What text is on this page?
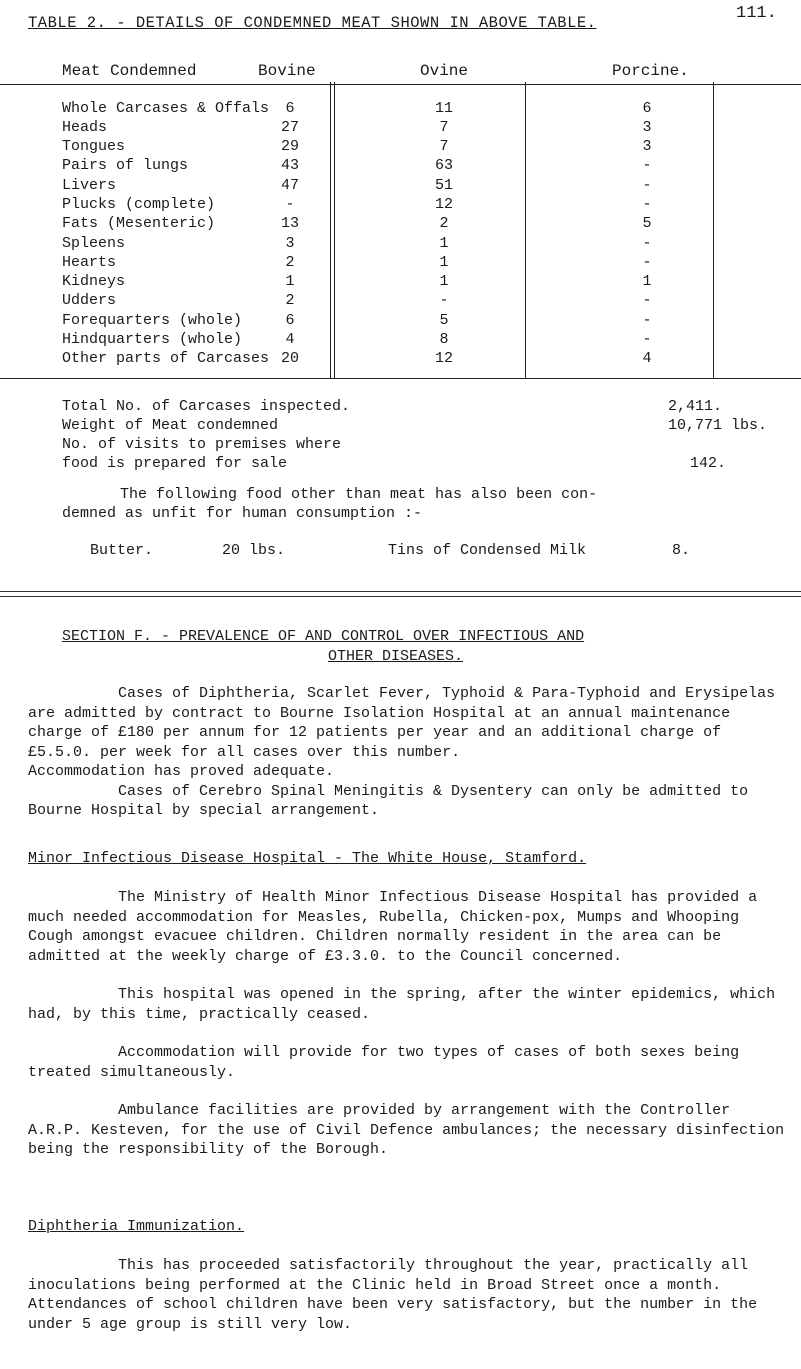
111.
TABLE 2. - DETAILS OF CONDEMNED MEAT SHOWN IN ABOVE TABLE.
Meat Condemned	Bovine	Ovine	Porcine.
Whole Carcases & Offals	6	11	6
Heads	27	7	3
Tongues	29	7	3
Pairs of lungs	43	63	-
Livers	47	51	-
Plucks (complete)	-	12	-
Fats (Mesenteric)	13	2	5
Spleens	3	1	-
Hearts	2	1	-
Kidneys	1	1	1
Udders	2	-	-
Forequarters (whole)	6	5	-
Hindquarters (whole)	4	8	-
Other parts of Carcases 20	12	4
Total No. of Carcases inspected.	2,411.
Weight of Meat condemned	10,771 lbs.
No. of visits to premises where
food is prepared for sale	142.
The following food other than meat has also been con-
demned as unfit for human consumption :-
Butter.	20 lbs.	Tins of Condensed Milk	8.
SECTION F. - PREVALENCE OF AND CONTROL OVER INFECTIOUS AND
OTHER DISEASES.

Cases of Diphtheria, Scarlet Fever, Typhoid & Para-Typhoid and Erysipelas are admitted by contract to Bourne Isolation Hospital at an annual maintenance charge of £180 per annum for 12 patients per year and an additional charge of £5.5.0. per week for all cases over this number.

Accommodation has proved adequate.

Cases of Cerebro Spinal Meningitis & Dysentery can only be admitted to Bourne Hospital by special arrangement.

Minor Infectious Disease Hospital - The White House, Stamford.

The Ministry of Health Minor Infectious Disease Hospital has provided a much needed accommodation for Measles, Rubella, Chicken-pox, Mumps and Whooping Cough amongst evacuee children. Children normally resident in the area can be admitted at the weekly charge of £3.3.0. to the Council concerned.

This hospital was opened in the spring, after the winter epidemics, which had, by this time, practically ceased.

Accommodation will provide for two types of cases of both sexes being treated simultaneously.

Ambulance facilities are provided by arrangement with the Controller A.R.P. Kesteven, for the use of Civil Defence ambulances; the necessary disinfection being the responsibility of the Borough.

Diphtheria Immunization.

This has proceeded satisfactorily throughout the year, practically all inoculations being performed at the Clinic held in Broad Street once a month. Attendances of school children have been very satisfactory, but the number in the under 5 age group is still very low.
